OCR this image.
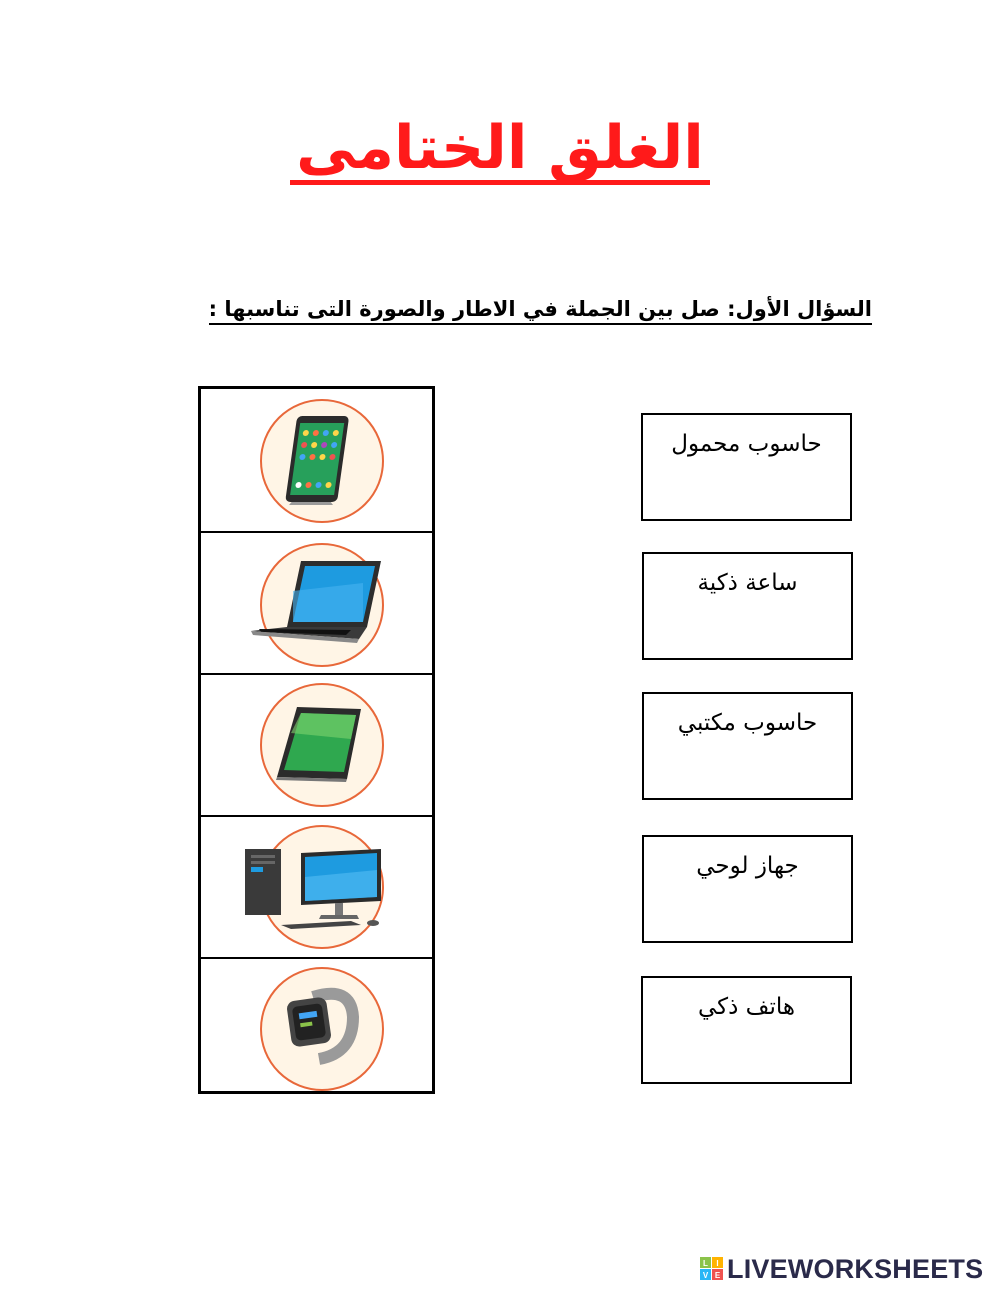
الغلق الختامى
السؤال الأول: صل بين الجملة في الاطار والصورة التى تناسبها :
حاسوب محمول
ساعة ذكية
حاسوب مكتبي
جهاز لوحي
هاتف ذكي
L I
V E LIVEWORKSHEETS
